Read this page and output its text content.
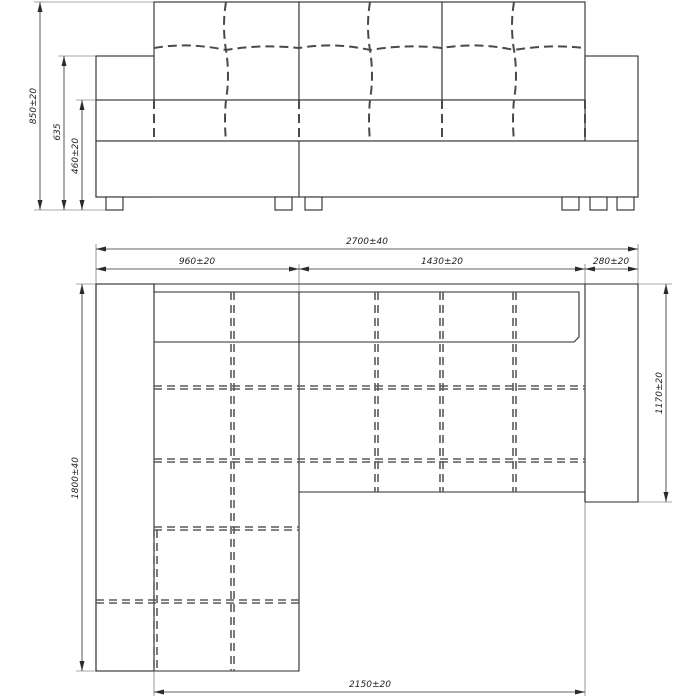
850±20
635
460±20
2700±40
960±20	1430±20	280±20
1170±20
1800±40
2150±20
